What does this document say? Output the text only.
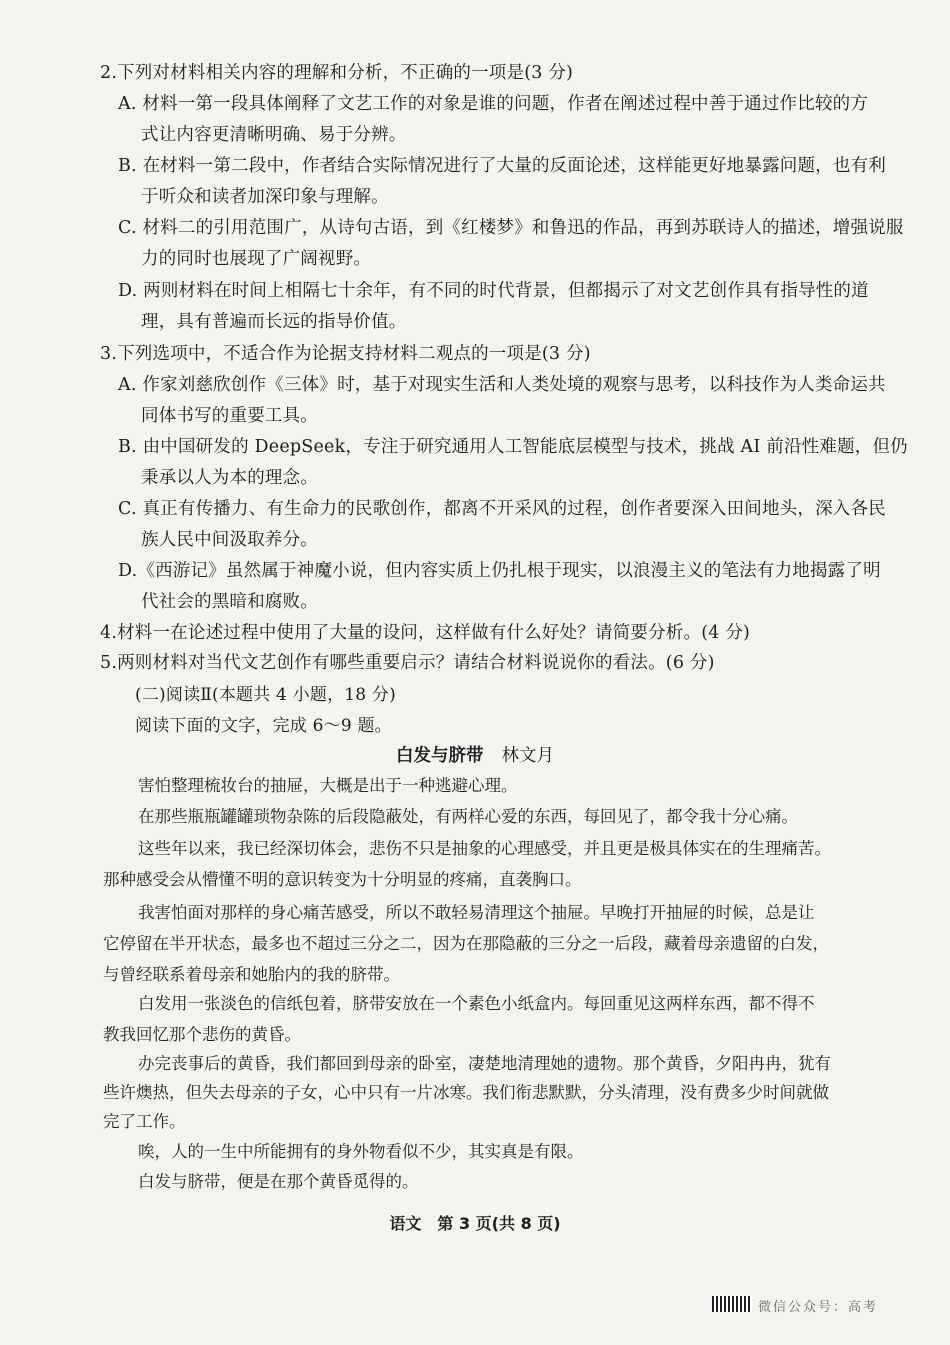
2.下列对材料相关内容的理解和分析，不正确的一项是(3 分)
A. 材料一第一段具体阐释了文艺工作的对象是谁的问题，作者在阐述过程中善于通过作比较的方
式让内容更清晰明确、易于分辨。
B. 在材料一第二段中，作者结合实际情况进行了大量的反面论述，这样能更好地暴露问题，也有利
于听众和读者加深印象与理解。
C. 材料二的引用范围广，从诗句古语，到《红楼梦》和鲁迅的作品，再到苏联诗人的描述，增强说服
力的同时也展现了广阔视野。
D. 两则材料在时间上相隔七十余年，有不同的时代背景，但都揭示了对文艺创作具有指导性的道
理，具有普遍而长远的指导价值。
3.下列选项中，不适合作为论据支持材料二观点的一项是(3 分)
A. 作家刘慈欣创作《三体》时，基于对现实生活和人类处境的观察与思考，以科技作为人类命运共
同体书写的重要工具。
B. 由中国研发的 DeepSeek，专注于研究通用人工智能底层模型与技术，挑战 AI 前沿性难题，但仍
秉承以人为本的理念。
C. 真正有传播力、有生命力的民歌创作，都离不开采风的过程，创作者要深入田间地头，深入各民
族人民中间汲取养分。
D.《西游记》虽然属于神魔小说，但内容实质上仍扎根于现实，以浪漫主义的笔法有力地揭露了明
代社会的黑暗和腐败。
4.材料一在论述过程中使用了大量的设问，这样做有什么好处？请简要分析。(4 分)
5.两则材料对当代文艺创作有哪些重要启示？请结合材料说说你的看法。(6 分)
(二)阅读Ⅱ(本题共 4 小题，18 分)
阅读下面的文字，完成 6～9 题。
白发与脐带 林文月
害怕整理梳妆台的抽屉，大概是出于一种逃避心理。
在那些瓶瓶罐罐琐物杂陈的后段隐蔽处，有两样心爱的东西，每回见了，都令我十分心痛。
这些年以来，我已经深切体会，悲伤不只是抽象的心理感受，并且更是极具体实在的生理痛苦。
那种感受会从懵懂不明的意识转变为十分明显的疼痛，直袭胸口。
我害怕面对那样的身心痛苦感受，所以不敢轻易清理这个抽屉。早晚打开抽屉的时候，总是让
它停留在半开状态，最多也不超过三分之二，因为在那隐蔽的三分之一后段，藏着母亲遗留的白发，
与曾经联系着母亲和她胎内的我的脐带。
白发用一张淡色的信纸包着，脐带安放在一个素色小纸盒内。每回重见这两样东西，都不得不
教我回忆那个悲伤的黄昏。
办完丧事后的黄昏，我们都回到母亲的卧室，凄楚地清理她的遗物。那个黄昏，夕阳冉冉，犹有
些许燠热，但失去母亲的子女，心中只有一片冰寒。我们衔悲默默，分头清理，没有费多少时间就做
完了工作。
唉，人的一生中所能拥有的身外物看似不少，其实真是有限。
白发与脐带，便是在那个黄昏觅得的。
语文　第 3 页(共 8 页)
微信公众号：高考
